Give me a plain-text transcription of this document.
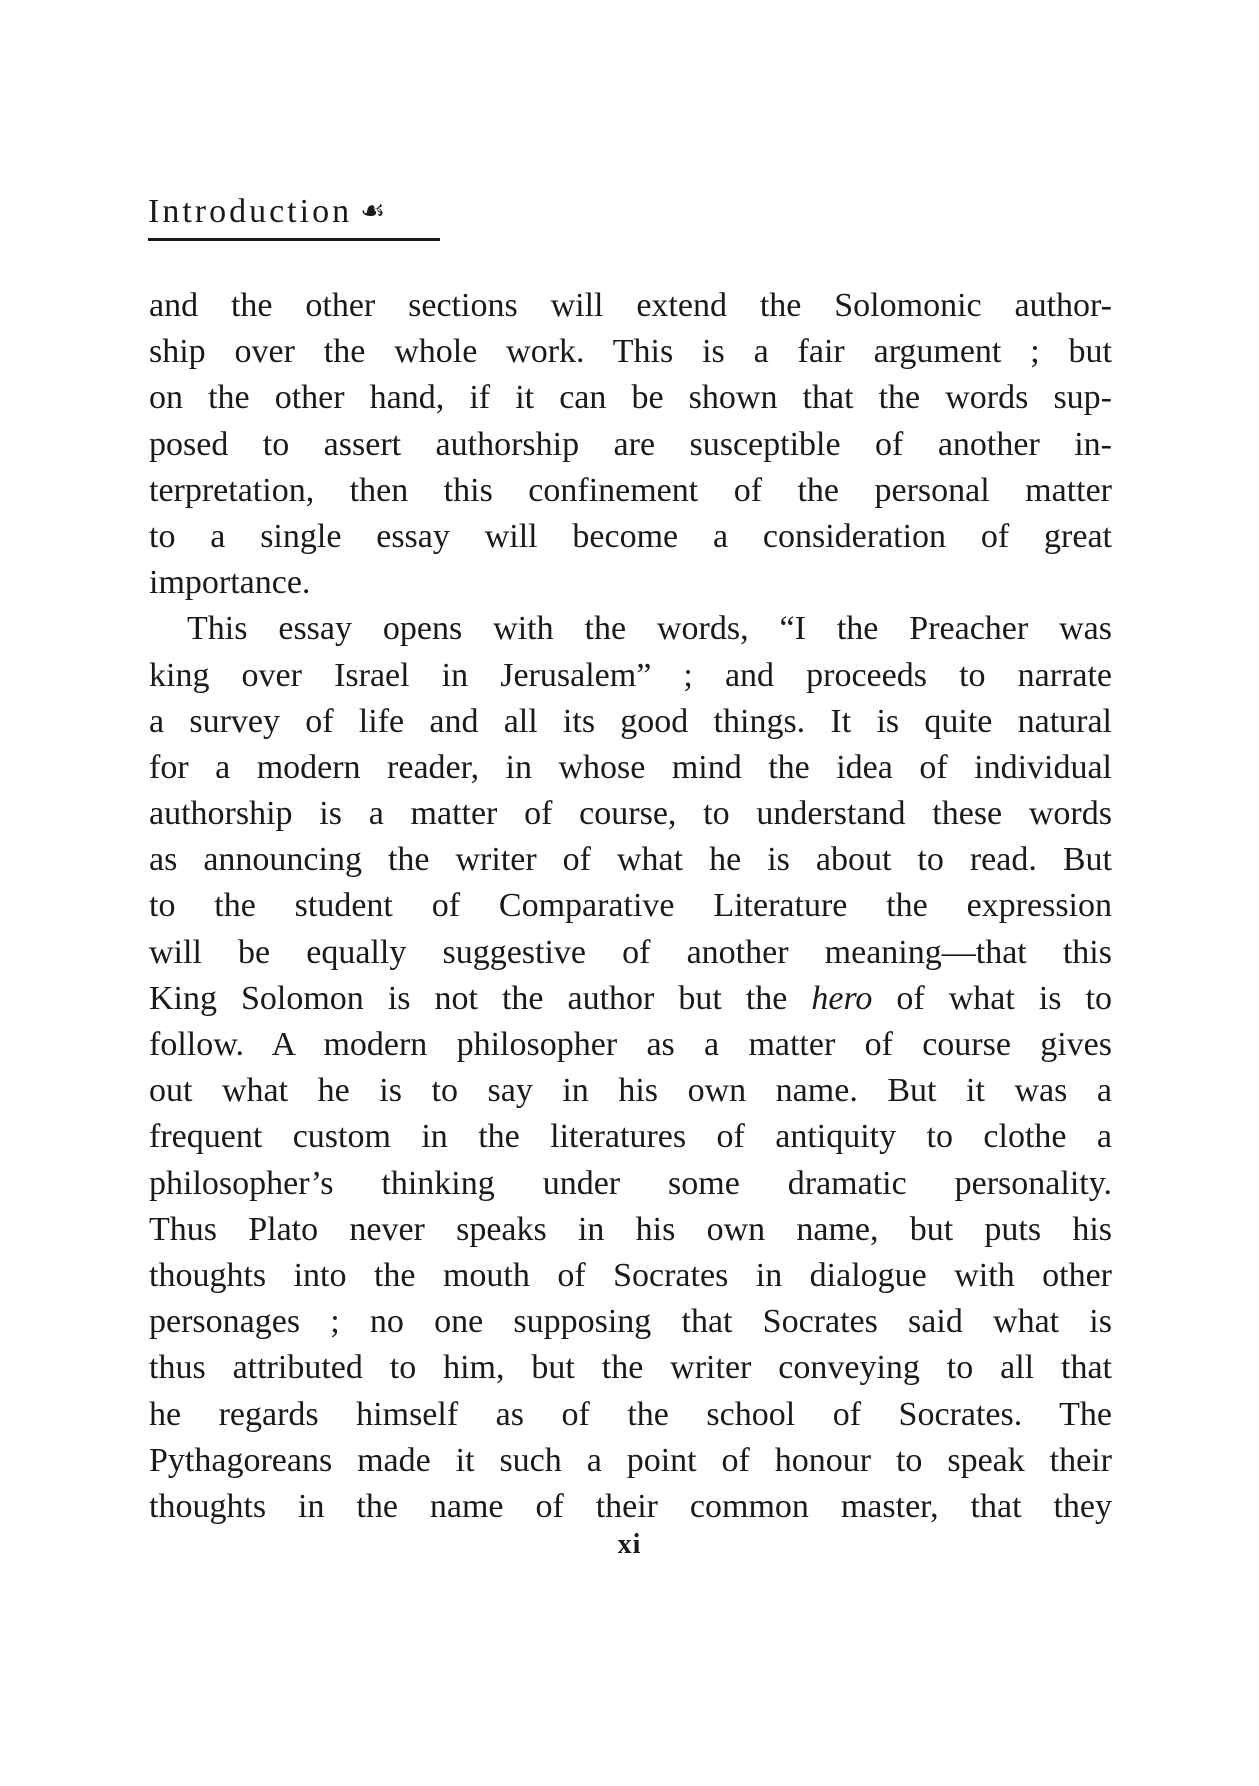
Introduction ☙
and the other sections will extend the Solomonic author-
ship over the whole work. This is a fair argument ; but
on the other hand, if it can be shown that the words sup-
posed to assert authorship are susceptible of another in-
terpretation, then this confinement of the personal matter
to a single essay will become a consideration of great
importance.
This essay opens with the words, “I the Preacher was
king over Israel in Jerusalem” ; and proceeds to narrate
a survey of life and all its good things. It is quite natural
for a modern reader, in whose mind the idea of individual
authorship is a matter of course, to understand these words
as announcing the writer of what he is about to read. But
to the student of Comparative Literature the expression
will be equally suggestive of another meaning—that this
King Solomon is not the author but the hero of what is to
follow. A modern philosopher as a matter of course gives
out what he is to say in his own name. But it was a
frequent custom in the literatures of antiquity to clothe a
philosopher’s thinking under some dramatic personality.
Thus Plato never speaks in his own name, but puts his
thoughts into the mouth of Socrates in dialogue with other
personages ; no one supposing that Socrates said what is
thus attributed to him, but the writer conveying to all that
he regards himself as of the school of Socrates. The
Pythagoreans made it such a point of honour to speak their
thoughts in the name of their common master, that they
xi
